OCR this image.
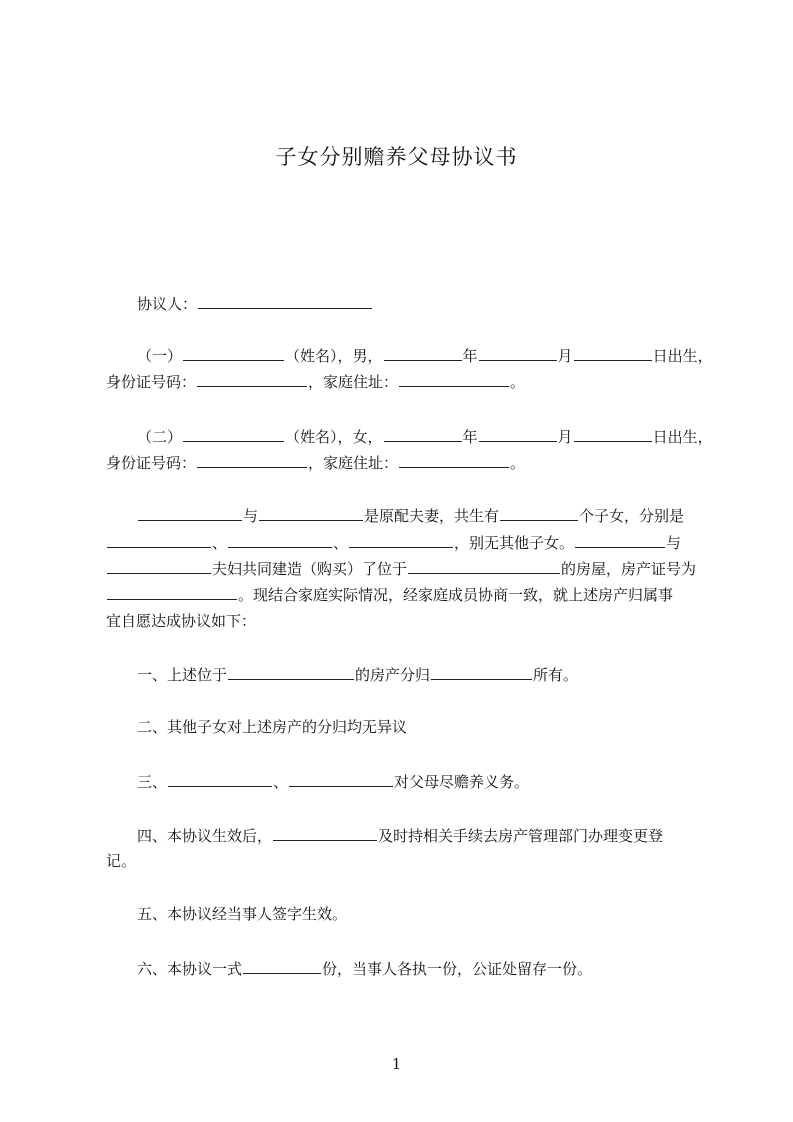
子女分别赡养父母协议书
协议人：
（一）	（姓名），男，	年	月	日出生，
身份证号码：	，家庭住址：	。
（二）	（姓名），女，	年	月	日出生，
身份证号码：	，家庭住址：	。
与	是原配夫妻，共生有	个子女，分别是
、	、	，别无其他子女。	与
夫妇共同建造（购买）了位于	的房屋，房产证号为
。现结合家庭实际情况，经家庭成员协商一致，就上述房产归属事
宜自愿达成协议如下：
一、上述位于	的房产分归	所有。
二、其他子女对上述房产的分归均无异议
三、	、	对父母尽赡养义务。
四、本协议生效后，	及时持相关手续去房产管理部门办理变更登
记。
五、本协议经当事人签字生效。
六、本协议一式	份，当事人各执一份，公证处留存一份。
1
